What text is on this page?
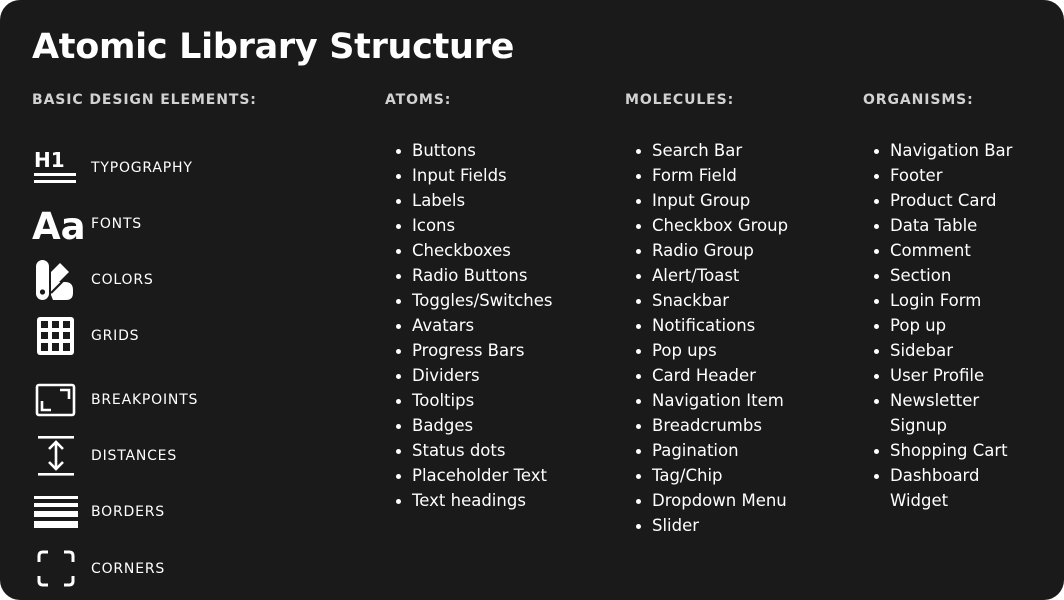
Atomic Library Structure
BASIC DESIGN ELEMENTS:
H1 TYPOGRAPHY
Aa FONTS
COLORS
GRIDS
BREAKPOINTS
DISTANCES
BORDERS
CORNERS
ATOMS:
Buttons
Input Fields
Labels
Icons
Checkboxes
Radio Buttons
Toggles/Switches
Avatars
Progress Bars
Dividers
Tooltips
Badges
Status dots
Placeholder Text
Text headings
MOLECULES:
Search Bar
Form Field
Input Group
Checkbox Group
Radio Group
Alert/Toast
Snackbar
Notifications
Pop ups
Card Header
Navigation Item
Breadcrumbs
Pagination
Tag/Chip
Dropdown Menu
Slider
ORGANISMS:
Navigation Bar
Footer
Product Card
Data Table
Comment
Section
Login Form
Pop up
Sidebar
User Profile
Newsletter Signup
Shopping Cart
Dashboard Widget
